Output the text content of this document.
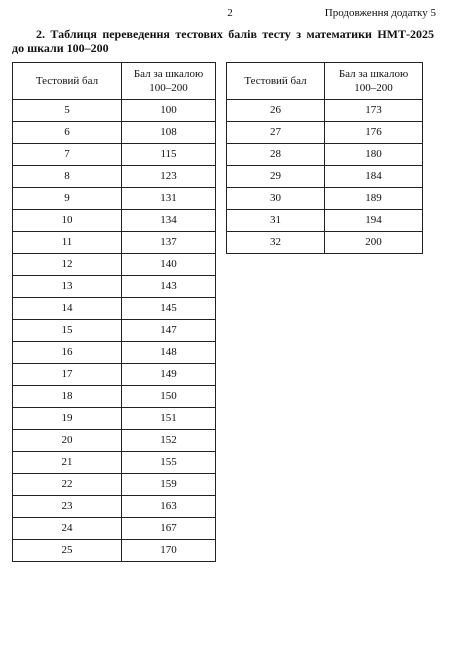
2	Продовження додатку 5
2. Таблиця переведення тестових балів тесту з математики НМТ-2025
до шкали 100–200
Тестовий бал	Бал за шкалою
100–200
5	100
6	108
7	115
8	123
9	131
10	134
11	137
12	140
13	143
14	145
15	147
16	148
17	149
18	150
19	151
20	152
21	155
22	159
23	163
24	167
25	170
Тестовий бал	Бал за шкалою
100–200
26	173
27	176
28	180
29	184
30	189
31	194
32	200
